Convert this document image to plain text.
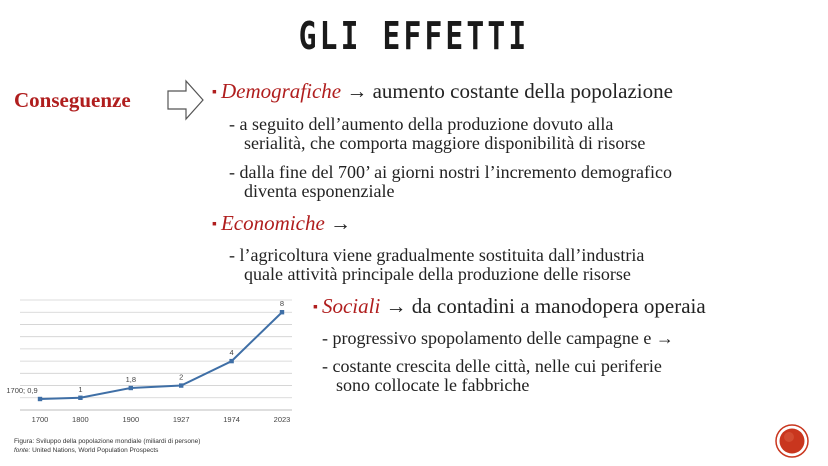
GLI EFFETTI
Conseguenze	▪ Demografiche → aumento costante della popolazione
- a seguito dell’aumento della produzione dovuto alla
serialità, che comporta maggiore disponibilità di risorse
- dalla fine del 700’ ai giorni nostri l’incremento demografico
diventa esponenziale
▪ Economiche →
- l’agricoltura viene gradualmente sostituita dall’industria
quale attività principale della produzione delle risorse
▪ Sociali → da contadini a manodopera operaia
- progressivo spopolamento delle campagne e →
- costante crescita delle città, nelle cui periferie
sono collocate le fabbriche
1700; 0,9
1700
1
1800
1,8
1900
2
1927
4
1974
8
2023
Figura: Sviluppo della popolazione mondiale (miliardi di persone)
fonte: United Nations, World Population Prospects
